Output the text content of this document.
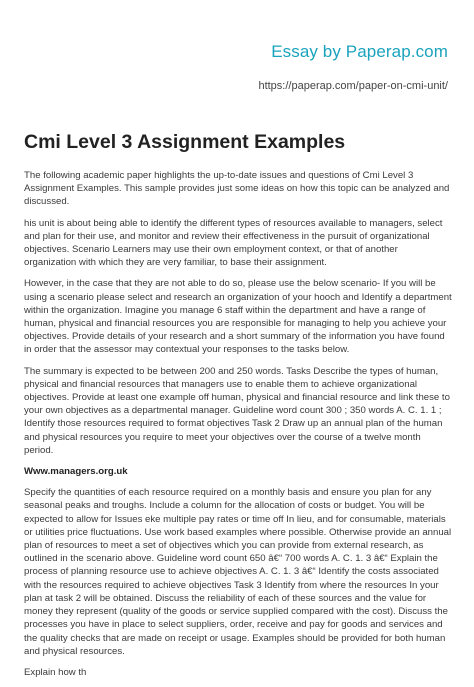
Essay by Paperap.com
https://paperap.com/paper-on-cmi-unit/
Cmi Level 3 Assignment Examples

The following academic paper highlights the up-to-date issues and questions of Cmi Level 3 Assignment Examples. This sample provides just some ideas on how this topic can be analyzed and discussed.

his unit is about being able to identify the different types of resources available to managers, select and plan for their use, and monitor and review their effectiveness in the pursuit of organizational objectives. Scenario Learners may use their own employment context, or that of another organization with which they are very familiar, to base their assignment.

However, in the case that they are not able to do so, please use the below scenario- If you will be using a scenario please select and research an organization of your hooch and Identify a department within the organization. Imagine you manage 6 staff within the department and have a range of human, physical and financial resources you are responsible for managing to help you achieve your objectives. Provide details of your research and a short summary of the information you have found in order that the assessor may contextual your responses to the tasks below.

The summary is expected to be between 200 and 250 words. Tasks Describe the types of human, physical and financial resources that managers use to enable them to achieve organizational objectives. Provide at least one example off human, physical and financial resource and link these to your own objectives as a departmental manager. Guideline word count 300 ; 350 words A. C. 1. 1 ; Identify those resources required to format objectives Task 2 Draw up an annual plan of the human and physical resources you require to meet your objectives over the course of a twelve month period.

Www.managers.org.uk

Specify the quantities of each resource required on a monthly basis and ensure you plan for any seasonal peaks and troughs. Include a column for the allocation of costs or budget. You will be expected to allow for Issues eke multiple pay rates or time off In lieu, and for consumable, materials or utilities price fluctuations. Use work based examples where possible. Otherwise provide an annual plan of resources to meet a set of objectives which you can provide from external research, as outlined in the scenario above. Guideline word count 650 â€“ 700 words A. C. 1. 3 â€“ Explain the process of planning resource use to achieve objectives A. C. 1. 3 â€“ Identify the costs associated with the resources required to achieve objectives Task 3 Identify from where the resources In your plan at task 2 will be obtained. Discuss the reliability of each of these sources and the value for money they represent (quality of the goods or service supplied compared with the cost). Discuss the processes you have in place to select suppliers, order, receive and pay for goods and services and the quality checks that are made on receipt or usage. Examples should be provided for both human and physical resources.

Explain how th
